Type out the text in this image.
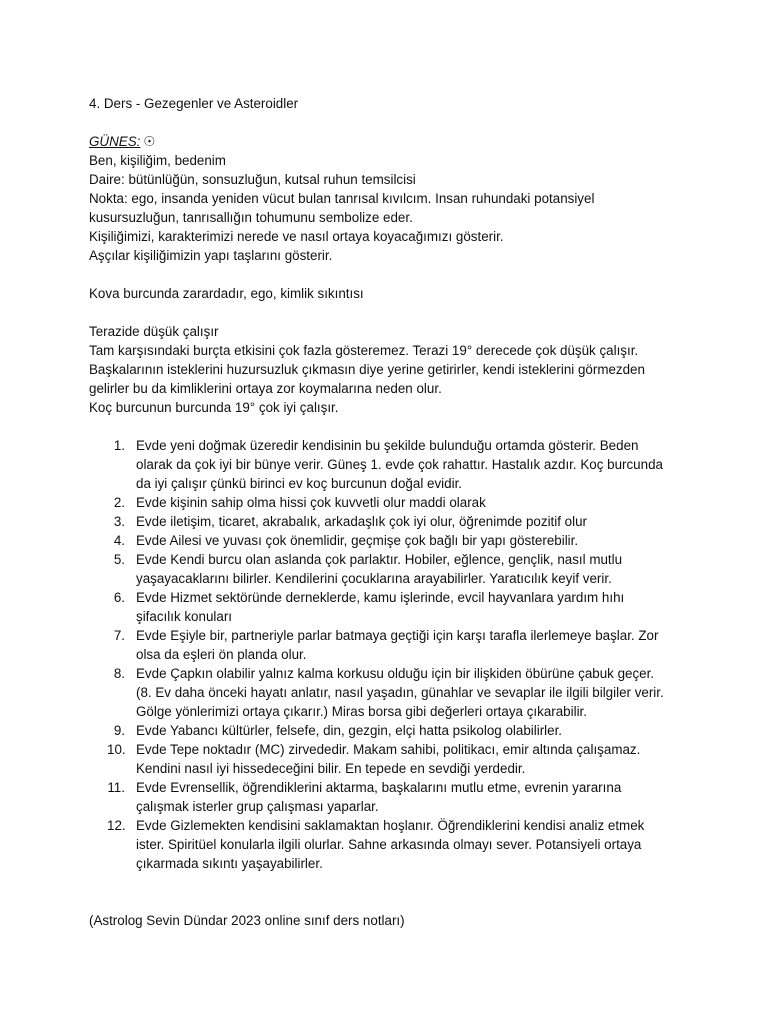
4. Ders - Gezegenler ve Asteroidler
GÜNES: ☉
Ben, kişiliğim, bedenim
Daire: bütünlüğün, sonsuzluğun, kutsal ruhun temsilcisi
Nokta: ego, insanda yeniden vücut bulan tanrısal kıvılcım. Insan ruhundaki potansiyel
kusursuzluğun, tanrısallığın tohumunu sembolize eder.
Kişiliğimizi, karakterimizi nerede ve nasıl ortaya koyacağımızı gösterir.
Aşçılar kişiliğimizin yapı taşlarını gösterir.
Kova burcunda zarardadır, ego, kimlik sıkıntısı
Terazide düşük çalışır
Tam karşısındaki burçta etkisini çok fazla gösteremez. Terazi 19° derecede çok düşük çalışır.
Başkalarının isteklerini huzursuzluk çıkmasın diye yerine getirirler, kendi isteklerini görmezden
gelirler bu da kimliklerini ortaya zor koymalarına neden olur.
Koç burcunun burcunda 19° çok iyi çalışır.
1 . Evde yeni doğmak üzeredir kendisinin bu şekilde bulunduğu ortamda gösterir. Beden
olarak da çok iyi bir bünye verir. Güneş 1. evde çok rahattır. Hastalık azdır. Koç burcunda
da iyi çalışır çünkü birinci ev koç burcunun doğal evidir.
2 . Evde kişinin sahip olma hissi çok kuvvetli olur maddi olarak
3 . Evde iletişim, ticaret, akrabalık, arkadaşlık çok iyi olur, öğrenimde pozitif olur
4 . Evde Ailesi ve yuvası çok önemlidir, geçmişe çok bağlı bir yapı gösterebilir.
5 . Evde Kendi burcu olan aslanda çok parlaktır. Hobiler, eğlence, gençlik, nasıl mutlu
yaşayacaklarını bilirler. Kendilerini çocuklarına arayabilirler. Yaratıcılık keyif verir.
6 . Evde Hizmet sektöründe derneklerde, kamu işlerinde, evcil hayvanlara yardım hıhı
şifacılık konuları
7 . Evde Eşiyle bir, partneriyle parlar batmaya geçtiği için karşı tarafla ilerlemeye başlar. Zor
olsa da eşleri ön planda olur.
8 . Evde Çapkın olabilir yalnız kalma korkusu olduğu için bir ilişkiden öbürüne çabuk geçer.
(8. Ev daha önceki hayatı anlatır, nasıl yaşadın, günahlar ve sevaplar ile ilgili bilgiler verir.
Gölge yönlerimizi ortaya çıkarır.) Miras borsa gibi değerleri ortaya çıkarabilir.
9 . Evde Yabancı kültürler, felsefe, din, gezgin, elçi hatta psikolog olabilirler.
10 . Evde Tepe noktadır (MC) zirvededir. Makam sahibi, politikacı, emir altında çalışamaz.
Kendini nasıl iyi hissedeceğini bilir. En tepede en sevdiği yerdedir.
11 . Evde Evrensellik, öğrendiklerini aktarma, başkalarını mutlu etme, evrenin yararına
çalışmak isterler grup çalışması yaparlar.
12 . Evde Gizlemekten kendisini saklamaktan hoşlanır. Öğrendiklerini kendisi analiz etmek
ister. Spiritüel konularla ilgili olurlar. Sahne arkasında olmayı sever. Potansiyeli ortaya
çıkarmada sıkıntı yaşayabilirler.
(Astrolog Sevin Dündar 2023 online sınıf ders notları)
